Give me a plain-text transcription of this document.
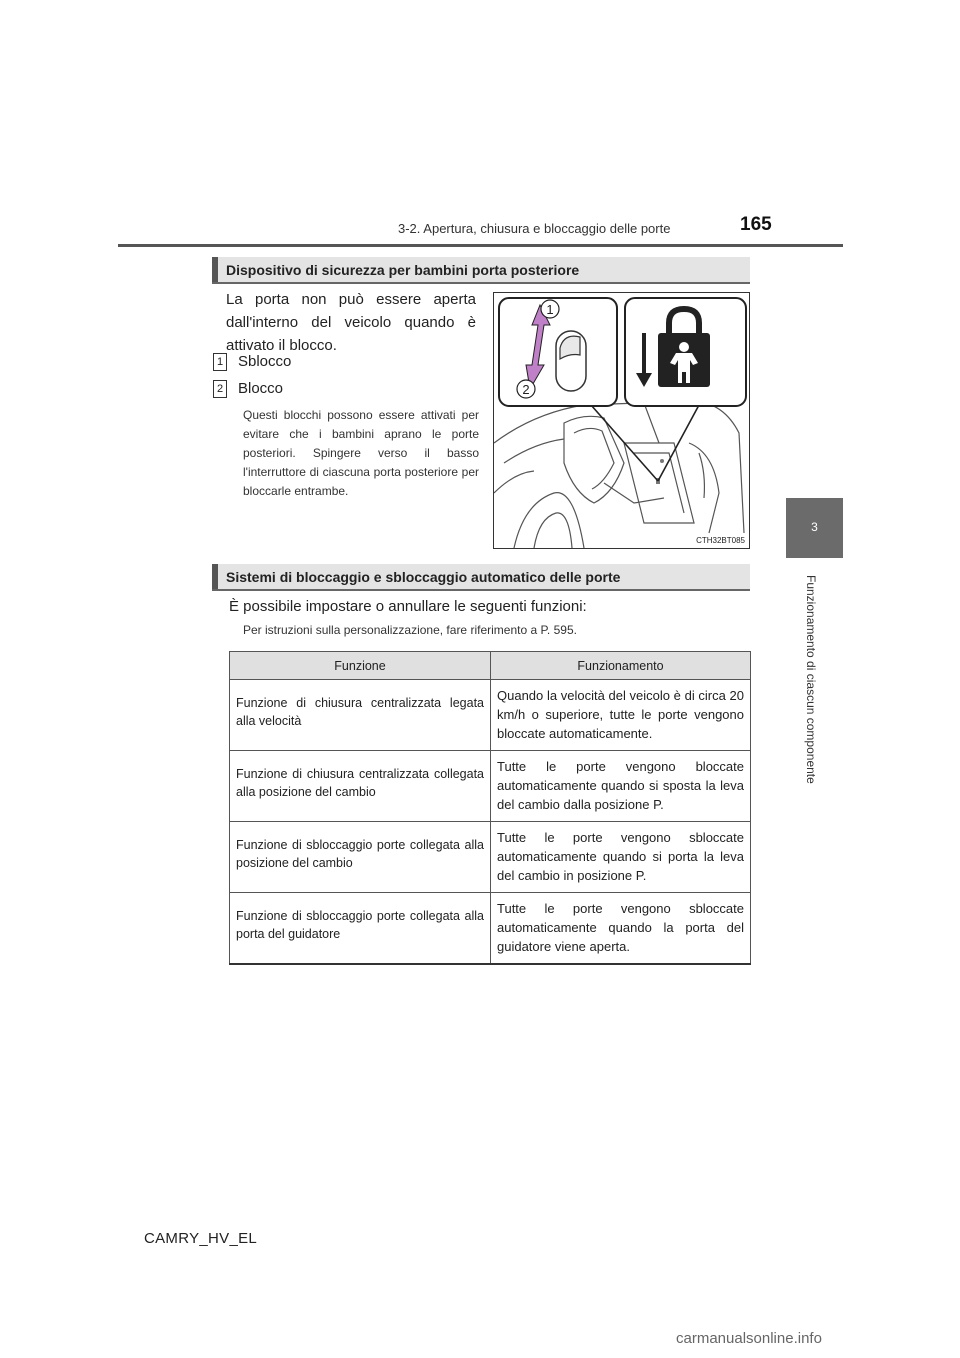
3-2. Apertura, chiusura e bloccaggio delle porte	165
3
Funzionamento di ciascun componente
Dispositivo di sicurezza per bambini porta posteriore
La porta non può essere aperta dall'interno del veicolo quando è attivato il blocco.
1 Sblocco
2 Blocco
Questi blocchi possono essere attivati per evitare che i bambini aprano le porte posteriori. Spingere verso il basso l'interruttore di ciascuna porta posteriore per bloccarle entrambe.
1
2
CTH32BT085
Sistemi di bloccaggio e sbloccaggio automatico delle porte
È possibile impostare o annullare le seguenti funzioni:
Per istruzioni sulla personalizzazione, fare riferimento a P. 595.
Funzione	Funzionamento
Funzione di chiusura centralizzata legata alla velocità	Quando la velocità del veicolo è di circa 20 km/h o superiore, tutte le porte vengono bloccate automaticamente.
Funzione di chiusura centralizzata collegata alla posizione del cambio	Tutte le porte vengono bloccate automaticamente quando si sposta la leva del cambio dalla posizione P.
Funzione di sbloccaggio porte collegata alla posizione del cambio	Tutte le porte vengono sbloccate automaticamente quando si porta la leva del cambio in posizione P.
Funzione di sbloccaggio porte collegata alla porta del guidatore	Tutte le porte vengono sbloccate automaticamente quando la porta del guidatore viene aperta.
CAMRY_HV_EL
carmanualsonline.info
